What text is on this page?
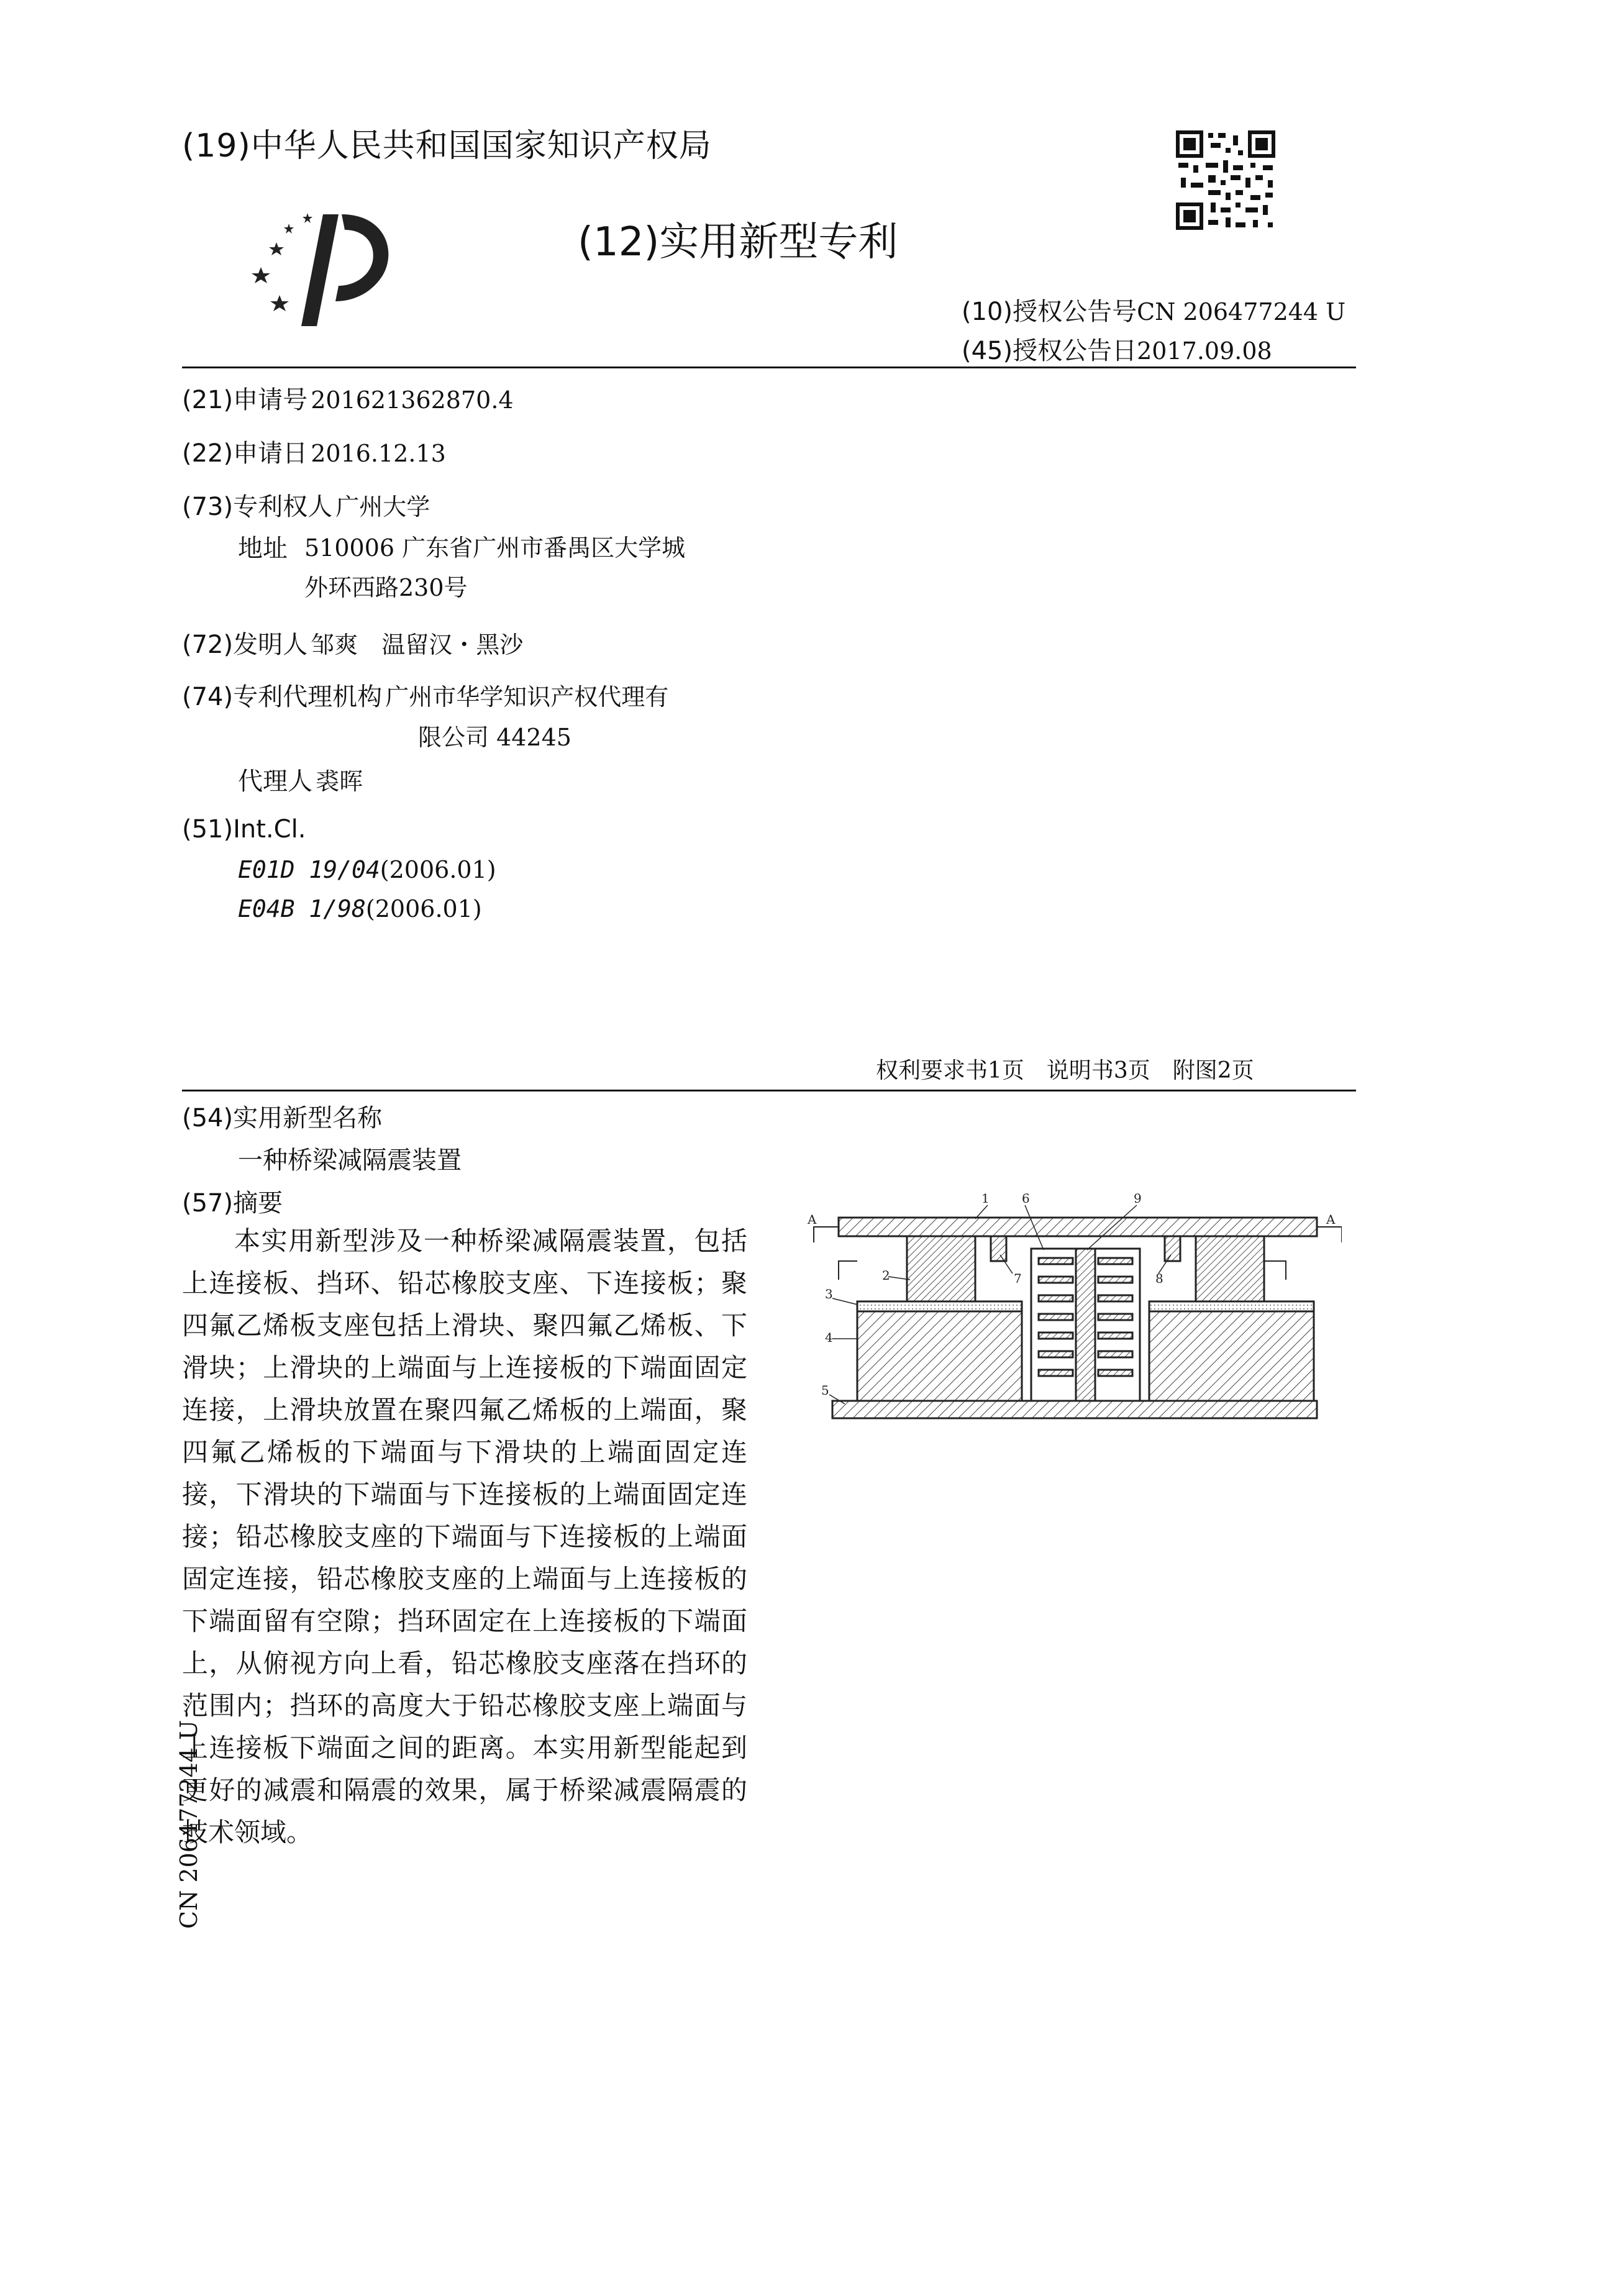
(19)中华人民共和国国家知识产权局
(12)实用新型专利
(10)授权公告号CN 206477244 U
(45)授权公告日2017.09.08
(21)申请号 201621362870.4
(22)申请日 2016.12.13
(73)专利权人 广州大学
地址 510006 广东省广州市番禺区大学城
外环西路230号
(72)发明人 邹爽　温留汉・黑沙
(74)专利代理机构 广州市华学知识产权代理有
限公司 44245
代理人 裘晖
(51)Int.Cl.
E01D 19/04(2006.01)
E04B 1/98(2006.01)
权利要求书1页　说明书3页　附图2页
(54)实用新型名称
一种桥梁减隔震装置
(57)摘要

本实用新型涉及一种桥梁减隔震装置，包括上连接板、挡环、铅芯橡胶支座、下连接板；聚四氟乙烯板支座包括上滑块、聚四氟乙烯板、下滑块；上滑块的上端面与上连接板的下端面固定连接，上滑块放置在聚四氟乙烯板的上端面，聚四氟乙烯板的下端面与下滑块的上端面固定连接，下滑块的下端面与下连接板的上端面固定连接；铅芯橡胶支座的下端面与下连接板的上端面固定连接，铅芯橡胶支座的上端面与上连接板的下端面留有空隙；挡环固定在上连接板的下端面上，从俯视方向上看，铅芯橡胶支座落在挡环的范围内；挡环的高度大于铅芯橡胶支座上端面与上连接板下端面之间的距离。本实用新型能起到更好的减震和隔震的效果，属于桥梁减震隔震的技术领域。

CN 206477244 U
1	6	9
2	7	8
3
4
5
A	A
